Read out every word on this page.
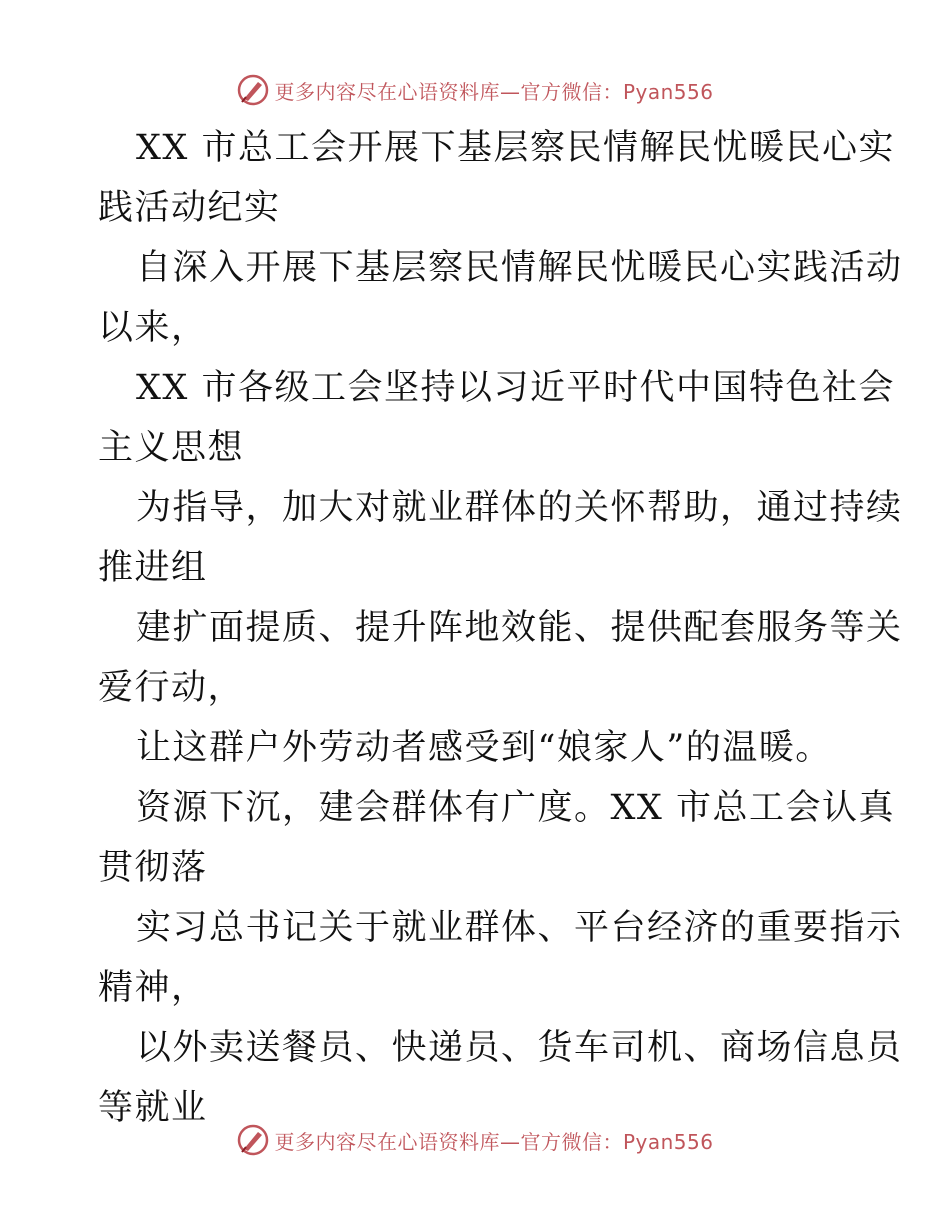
更多内容尽在心语资料库—官方微信：Pyan556

XX 市总工会开展下基层察民情解民忧暖民心实
践活动纪实

自深入开展下基层察民情解民忧暖民心实践活动
以来，

XX 市各级工会坚持以习近平时代中国特色社会
主义思想

为指导，加大对就业群体的关怀帮助，通过持续
推进组

建扩面提质、提升阵地效能、提供配套服务等关
爱行动，

让这群户外劳动者感受到“娘家人”的温暖。

资源下沉，建会群体有广度。XX 市总工会认真
贯彻落

实习总书记关于就业群体、平台经济的重要指示
精神，

以外卖送餐员、快递员、货车司机、商场信息员
等就业

更多内容尽在心语资料库—官方微信：Pyan556
